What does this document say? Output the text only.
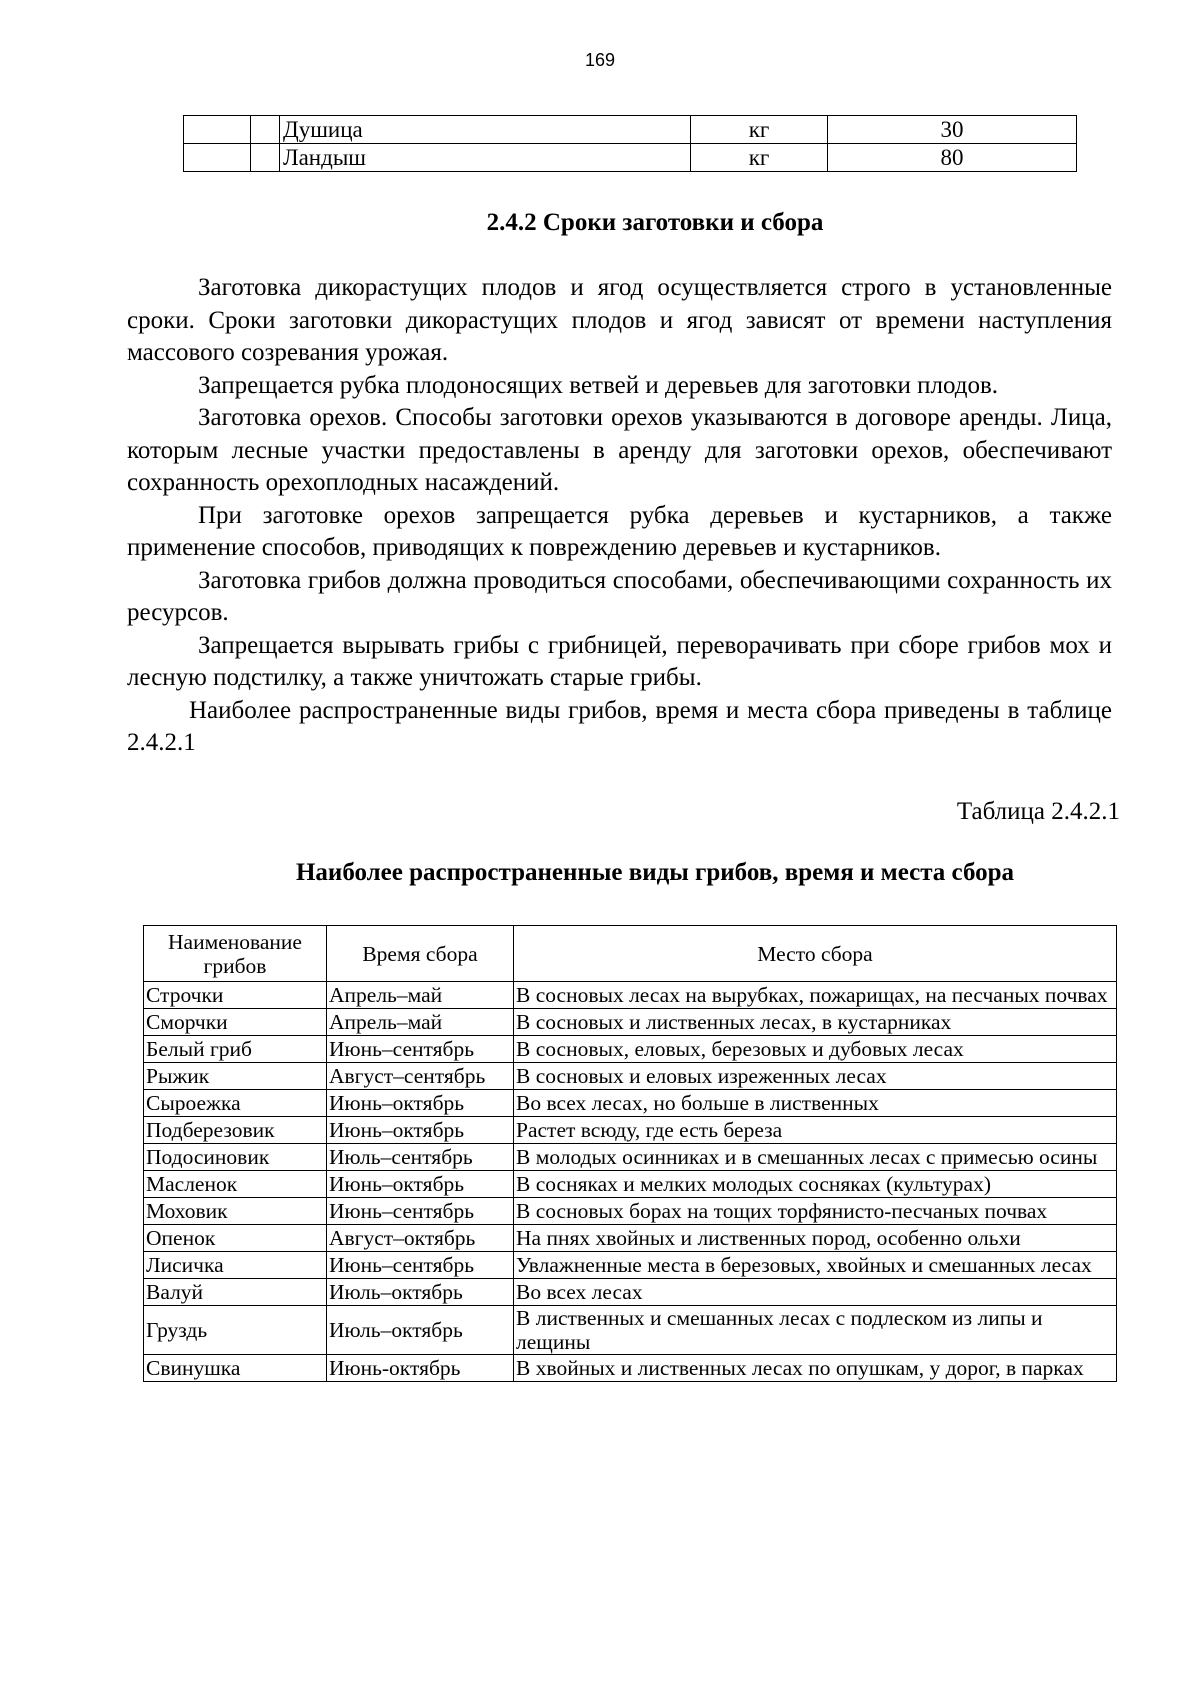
169
		Душица	кг	30
		Ландыш	кг	80
2.4.2 Сроки заготовки и сбора

Заготовка дикорастущих плодов и ягод осуществляется строго в установленные сроки. Сроки заготовки дикорастущих плодов и ягод зависят от времени наступления массового созревания урожая.

Запрещается рубка плодоносящих ветвей и деревьев для заготовки плодов.

Заготовка орехов. Способы заготовки орехов указываются в договоре аренды. Лица, которым лесные участки предоставлены в аренду для заготовки орехов, обеспечивают сохранность орехоплодных насаждений.

При заготовке орехов запрещается рубка деревьев и кустарников, а также применение способов, приводящих к повреждению деревьев и кустарников.

Заготовка грибов должна проводиться способами, обеспечивающими сохранность их ресурсов.

Запрещается вырывать грибы с грибницей, переворачивать при сборе грибов мох и лесную подстилку, а также уничтожать старые грибы.

Наиболее распространенные виды грибов, время и места сбора приведены в таблице 2.4.2.1

Таблица 2.4.2.1
Наиболее распространенные виды грибов, время и места сбора
Наименование грибов	Время сбора	Место сбора
Строчки	Апрель–май	В сосновых лесах на вырубках, пожарищах, на песчаных почвах
Сморчки	Апрель–май	В сосновых и лиственных лесах, в кустарниках
Белый гриб	Июнь–сентябрь	В сосновых, еловых, березовых и дубовых лесах
Рыжик	Август–сентябрь	В сосновых и еловых изреженных лесах
Сыроежка	Июнь–октябрь	Во всех лесах, но больше в лиственных
Подберезовик	Июнь–октябрь	Растет всюду, где есть береза
Подосиновик	Июль–сентябрь	В молодых осинниках и в смешанных лесах с примесью осины
Масленок	Июнь–октябрь	В сосняках и мелких молодых сосняках (культурах)
Моховик	Июнь–сентябрь	В сосновых борах на тощих торфянисто-песчаных почвах
Опенок	Август–октябрь	На пнях хвойных и лиственных пород, особенно ольхи
Лисичка	Июнь–сентябрь	Увлажненные места в березовых, хвойных и смешанных лесах
Валуй	Июль–октябрь	Во всех лесах
Груздь	Июль–октябрь	В лиственных и смешанных лесах с подлеском из липы и лещины
Свинушка	Июнь-октябрь	В хвойных и лиственных лесах по опушкам, у дорог, в парках
